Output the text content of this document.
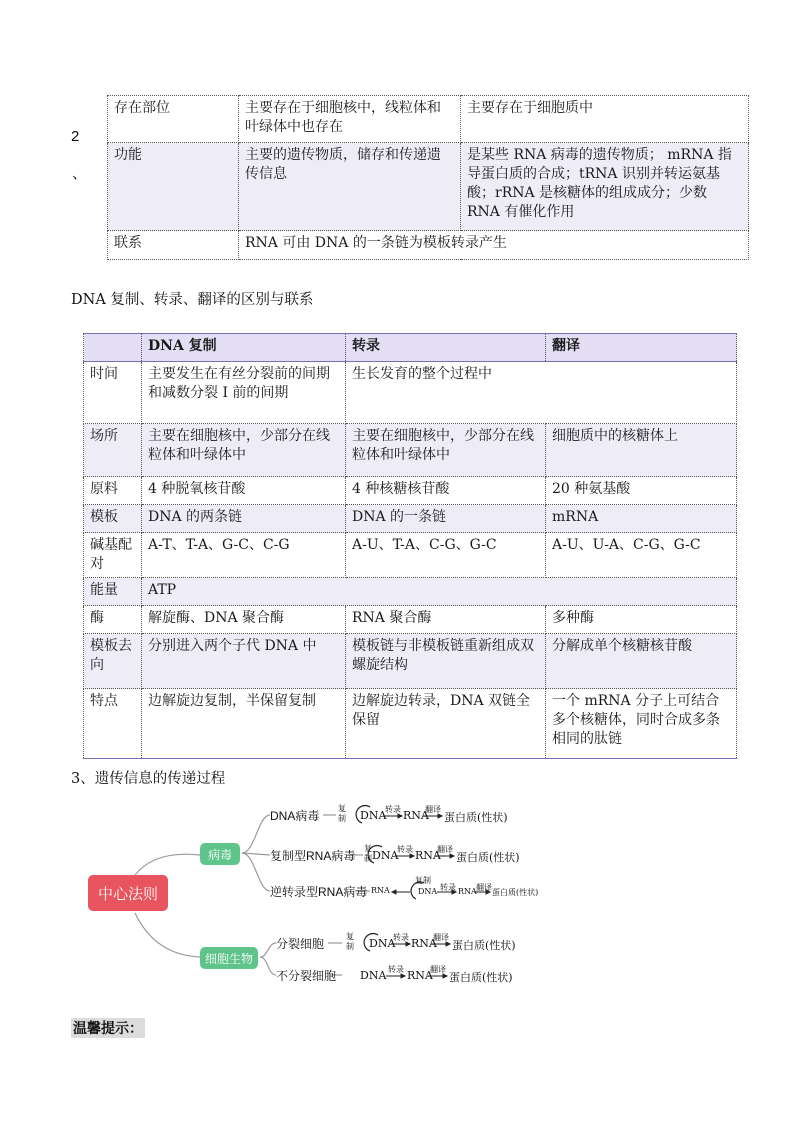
2
、
存在部位	主要存在于细胞核中，线粒体和叶绿体中也存在	主要存在于细胞质中
功能	主要的遗传物质，储存和传递遗传信息	是某些 RNA 病毒的遗传物质； mRNA 指导蛋白质的合成；tRNA 识别并转运氨基酸；rRNA 是核糖体的组成成分；少数 RNA 有催化作用
联系	RNA 可由 DNA 的一条链为模板转录产生	
DNA 复制、转录、翻译的区别与联系
	DNA 复制	转录	翻译
时间	主要发生在有丝分裂前的间期和减数分裂 I 前的间期	生长发育的整个过程中	
场所	主要在细胞核中，少部分在线粒体和叶绿体中	主要在细胞核中，少部分在线粒体和叶绿体中	细胞质中的核糖体上
原料	4 种脱氧核苷酸	4 种核糖核苷酸	20 种氨基酸
模板	DNA 的两条链	DNA 的一条链	mRNA
碱基配对	A-T、T-A、G-C、C-G	A-U、T-A、C-G、G-C	A-U、U-A、C-G、G-C
能量	ATP		
酶	解旋酶、DNA 聚合酶	RNA 聚合酶	多种酶
模板去向	分别进入两个子代 DNA 中	模板链与非模板链重新组成双螺旋结构	分解成单个核糖核苷酸
特点	边解旋边复制，半保留复制	边解旋边转录，DNA 双链全保留	一个 mRNA 分子上可结合多个核糖体，同时合成多条相同的肽链
3、遗传信息的传递过程
中心法则
病毒
细胞生物
DNA病毒
复制型RNA病毒
逆转录型RNA病毒
分裂细胞
不分裂细胞
复
制 DNA
转录 RNA
翻译
蛋白质(性状)
复
制 DNA
转录 RNA
翻译
蛋白质(性状)
RNA
复制
DNA 转录 RNA 翻译
蛋白质(性状)
复
制 DNA
转录 RNA
翻译
蛋白质(性状)
DNA 转录 RNA
翻译
蛋白质(性状)
温馨提示：
